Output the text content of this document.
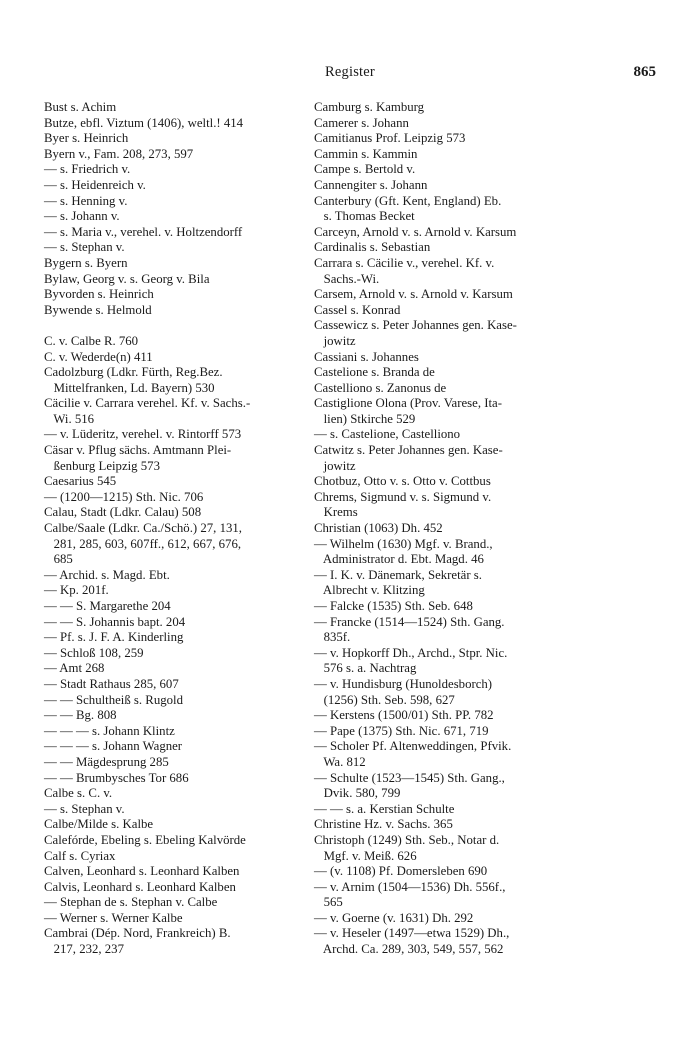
Register	865
Bust s. Achim
Butze, ebfl. Viztum (1406), weltl.! 414
Byer s. Heinrich
Byern v., Fam. 208, 273, 597
— s. Friedrich v.
— s. Heidenreich v.
— s. Henning v.
— s. Johann v.
— s. Maria v., verehel. v. Holtzendorff
— s. Stephan v.
Bygern s. Byern
Bylaw, Georg v. s. Georg v. Bila
Byvorden s. Heinrich
Bywende s. Helmold
C. v. Calbe R. 760
C. v. Wederde(n) 411
Cadolzburg (Ldkr. Fürth, Reg.Bez.
Mittelfranken, Ld. Bayern) 530
Cäcilie v. Carrara verehel. Kf. v. Sachs.-
Wi. 516
— v. Lüderitz, verehel. v. Rintorff 573
Cäsar v. Pflug sächs. Amtmann Plei-
ßenburg Leipzig 573
Caesarius 545
— (1200—1215) Sth. Nic. 706
Calau, Stadt (Ldkr. Calau) 508
Calbe/Saale (Ldkr. Ca./Schö.) 27, 131,
281, 285, 603, 607ff., 612, 667, 676,
685
— Archid. s. Magd. Ebt.
— Kp. 201f.
— — S. Margarethe 204
— — S. Johannis bapt. 204
— Pf. s. J. F. A. Kinderling
— Schloß 108, 259
— Amt 268
— Stadt Rathaus 285, 607
— — Schultheiß s. Rugold
— — Bg. 808
— — — s. Johann Klintz
— — — s. Johann Wagner
— — Mägdesprung 285
— — Brumbysches Tor 686
Calbe s. C. v.
— s. Stephan v.
Calbe/Milde s. Kalbe
Calefórde, Ebeling s. Ebeling Kalvörde
Calf s. Cyriax
Calven, Leonhard s. Leonhard Kalben
Calvis, Leonhard s. Leonhard Kalben
— Stephan de s. Stephan v. Calbe
— Werner s. Werner Kalbe
Cambrai (Dép. Nord, Frankreich) B.
217, 232, 237
Camburg s. Kamburg
Camerer s. Johann
Camitianus Prof. Leipzig 573
Cammin s. Kammin
Campe s. Bertold v.
Cannengiter s. Johann
Canterbury (Gft. Kent, England) Eb.
s. Thomas Becket
Carceyn, Arnold v. s. Arnold v. Karsum
Cardinalis s. Sebastian
Carrara s. Cäcilie v., verehel. Kf. v.
Sachs.-Wi.
Carsem, Arnold v. s. Arnold v. Karsum
Cassel s. Konrad
Cassewicz s. Peter Johannes gen. Kase-
jowitz
Cassiani s. Johannes
Castelione s. Branda de
Castelliono s. Zanonus de
Castiglione Olona (Prov. Varese, Ita-
lien) Stkirche 529
— s. Castelione, Castelliono
Catwitz s. Peter Johannes gen. Kase-
jowitz
Chotbuz, Otto v. s. Otto v. Cottbus
Chrems, Sigmund v. s. Sigmund v.
Krems
Christian (1063) Dh. 452
— Wilhelm (1630) Mgf. v. Brand.,
Administrator d. Ebt. Magd. 46
— I. K. v. Dänemark, Sekretär s.
Albrecht v. Klitzing
— Falcke (1535) Sth. Seb. 648
— Francke (1514—1524) Sth. Gang.
835f.
— v. Hopkorff Dh., Archd., Stpr. Nic.
576 s. a. Nachtrag
— v. Hundisburg (Hunoldesborch)
(1256) Sth. Seb. 598, 627
— Kerstens (1500/01) Sth. PP. 782
— Pape (1375) Sth. Nic. 671, 719
— Scholer Pf. Altenweddingen, Pfvik.
Wa. 812
— Schulte (1523—1545) Sth. Gang.,
Dvik. 580, 799
— — s. a. Kerstian Schulte
Christine Hz. v. Sachs. 365
Christoph (1249) Sth. Seb., Notar d.
Mgf. v. Meiß. 626
— (v. 1108) Pf. Domersleben 690
— v. Arnim (1504—1536) Dh. 556f.,
565
— v. Goerne (v. 1631) Dh. 292
— v. Heseler (1497—etwa 1529) Dh.,
Archd. Ca. 289, 303, 549, 557, 562
